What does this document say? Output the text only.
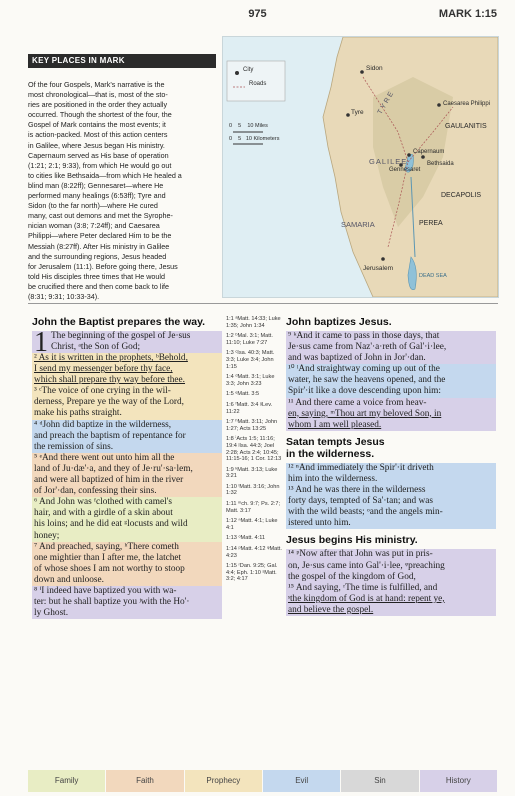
975	MARK 1:15
KEY PLACES IN MARK
Of the four Gospels, Mark’s narrative is the
most chronological—that is, most of the sto-
ries are positioned in the order they actually
occurred. Though the shortest of the four, the
Gospel of Mark contains the most events; it
is action-packed. Most of this action centers
in Galilee, where Jesus began His ministry.
Capernaum served as His base of operation
(1:21; 2:1; 9:33), from which He would go out
to cities like Bethsaida—from which He healed a
blind man (8:22ff); Gennesaret—where He
performed many healings (6:53ff); Tyre and
Sidon (to the far north)—where He cured
many, cast out demons and met the Syrophe-
nician woman (3:8; 7:24ff); and Caesarea
Philippi—where Peter declared Him to be the
Messiah (8:27ff). After His ministry in Galilee
and the surrounding regions, Jesus headed
for Jerusalem (11:1). Before going there, Jesus
told His disciples three times that He would
be crucified there and then come back to life
(8:31; 9:31; 10:33-34).
City
Roads
0    5    10 Miles
0    5   10 Kilometers
Sidon
TYRE
Tyre
Caesarea Philippi
GAULANITIS
GALILEE
Capernaum
Bethsaida
Gennesaret
DECAPOLIS
SAMARIA	PEREA
Jerusalem
DEAD SEA
John the Baptist prepares the way.
1 The beginning of the gospel of Je·sus
Christ, ᵃthe Son of God;
² As it is written in the prophets, ᵇBehold,
I send my messenger before thy face,
which shall prepare thy way before thee.
³ ᶜThe voice of one crying in the wil-
derness, Prepare ye the way of the Lord,
make his paths straight.
⁴ ᵈJohn did baptize in the wilderness,
and preach the baptism of repentance for
the remission of sins.
⁵ ᵉAnd there went out unto him all the
land of Ju·dæ'·a, and they of Je·ru'·sa·lem,
and were all baptized of him in the river
of Jor'·dan, confessing their sins.
⁶ And John was ᶠclothed with camel's
hair, and with a girdle of a skin about
his loins; and he did eat ᵍlocusts and wild
honey;
⁷ And preached, saying, ʰThere cometh
one mightier than I after me, the latchet
of whose shoes I am not worthy to stoop
down and unloose.
⁸ ⁱI indeed have baptized you with wa-
ter: but he shall baptize you ʲwith the Ho'·
ly Ghost.
1:1 ᵃMatt. 14:33; Luke 1:35; John 1:34
1:2 ᵇMal. 3:1; Matt. 11:10; Luke 7:27
1:3 ᶜIsa. 40:3; Matt. 3:3; Luke 3:4; John 1:15
1:4 ᵈMatt. 3:1; Luke 3:3; John 3:23
1:5 ᵉMatt. 3:5
1:6 ᶠMatt. 3:4 ᵍLev. 11:22
1:7 ʰMatt. 3:11; John 1:27; Acts 13:25
1:8 ⁱActs 1:5; 11:16; 19:4 ʲIsa. 44:3; Joel 2:28; Acts 2:4; 10:45; 11:15-16; 1 Cor. 12:13
1:9 ᵏMatt. 3:13; Luke 3:21
1:10 ˡMatt. 3:16; John 1:32
1:11 ᵐch. 9:7; Ps. 2:7; Matt. 3:17
1:12 ⁿMatt. 4:1; Luke 4:1
1:13 ᵒMatt. 4:11
1:14 ᵖMatt. 4:12 ᵠMatt. 4:23
1:15 ʳDan. 9:25; Gal. 4:4; Eph. 1:10 ˢMatt. 3:2; 4:17
John baptizes Jesus.
⁹ ᵏAnd it came to pass in those days, that
Je·sus came from Naz'·a·reth of Gal'·i·lee,
and was baptized of John in Jor'·dan.
¹⁰ ˡAnd straightway coming up out of the
water, he saw the heavens opened, and the
Spir'·it like a dove descending upon him:
¹¹ And there came a voice from heav-
en, saying, ᵐThou art my beloved Son, in
whom I am well pleased.
Satan tempts Jesus
in the wilderness.
¹² ⁿAnd immediately the Spir'·it driveth
him into the wilderness.
¹³ And he was there in the wilderness
forty days, tempted of Sa'·tan; and was
with the wild beasts; ᵒand the angels min-
istered unto him.
Jesus begins His ministry.
¹⁴ ᵖNow after that John was put in pris-
on, Je·sus came into Gal'·i·lee, ᵠpreaching
the gospel of the kingdom of God,
¹⁵ And saying, ʳThe time is fulfilled, and
ˢthe kingdom of God is at hand: repent ye,
and believe the gospel.
Family	Faith	Prophecy	Evil	Sin	History
